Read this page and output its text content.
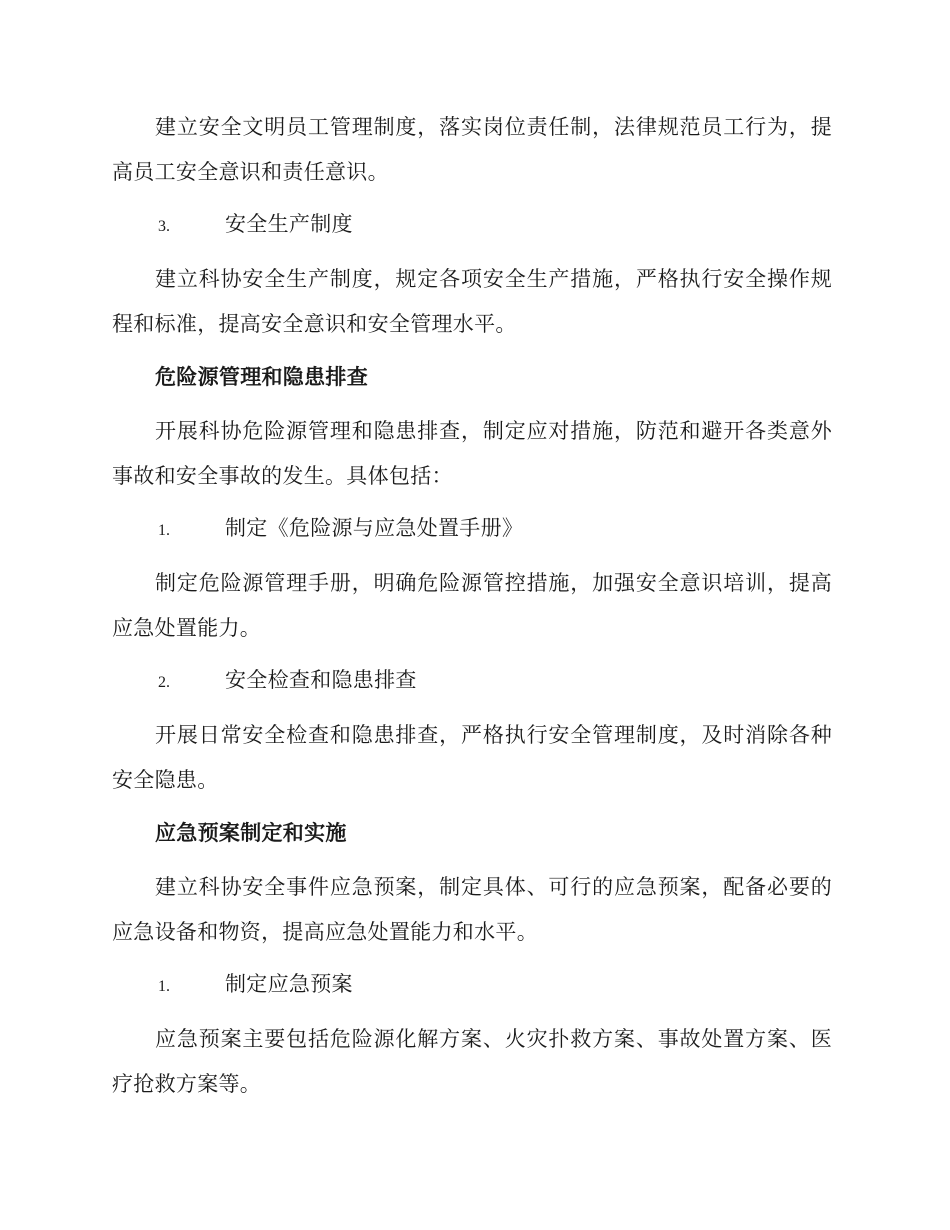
建立安全文明员工管理制度，落实岗位责任制，法律规范员工行为，提高员工安全意识和责任意识。

3.	安全生产制度

建立科协安全生产制度，规定各项安全生产措施，严格执行安全操作规程和标准，提高安全意识和安全管理水平。

危险源管理和隐患排查

开展科协危险源管理和隐患排查，制定应对措施，防范和避开各类意外事故和安全事故的发生。具体包括：

1.	制定《危险源与应急处置手册》

制定危险源管理手册，明确危险源管控措施，加强安全意识培训，提高应急处置能力。

2.	安全检查和隐患排查

开展日常安全检查和隐患排查，严格执行安全管理制度，及时消除各种安全隐患。

应急预案制定和实施

建立科协安全事件应急预案，制定具体、可行的应急预案，配备必要的应急设备和物资，提高应急处置能力和水平。

1.	制定应急预案

应急预案主要包括危险源化解方案、火灾扑救方案、事故处置方案、医疗抢救方案等。
